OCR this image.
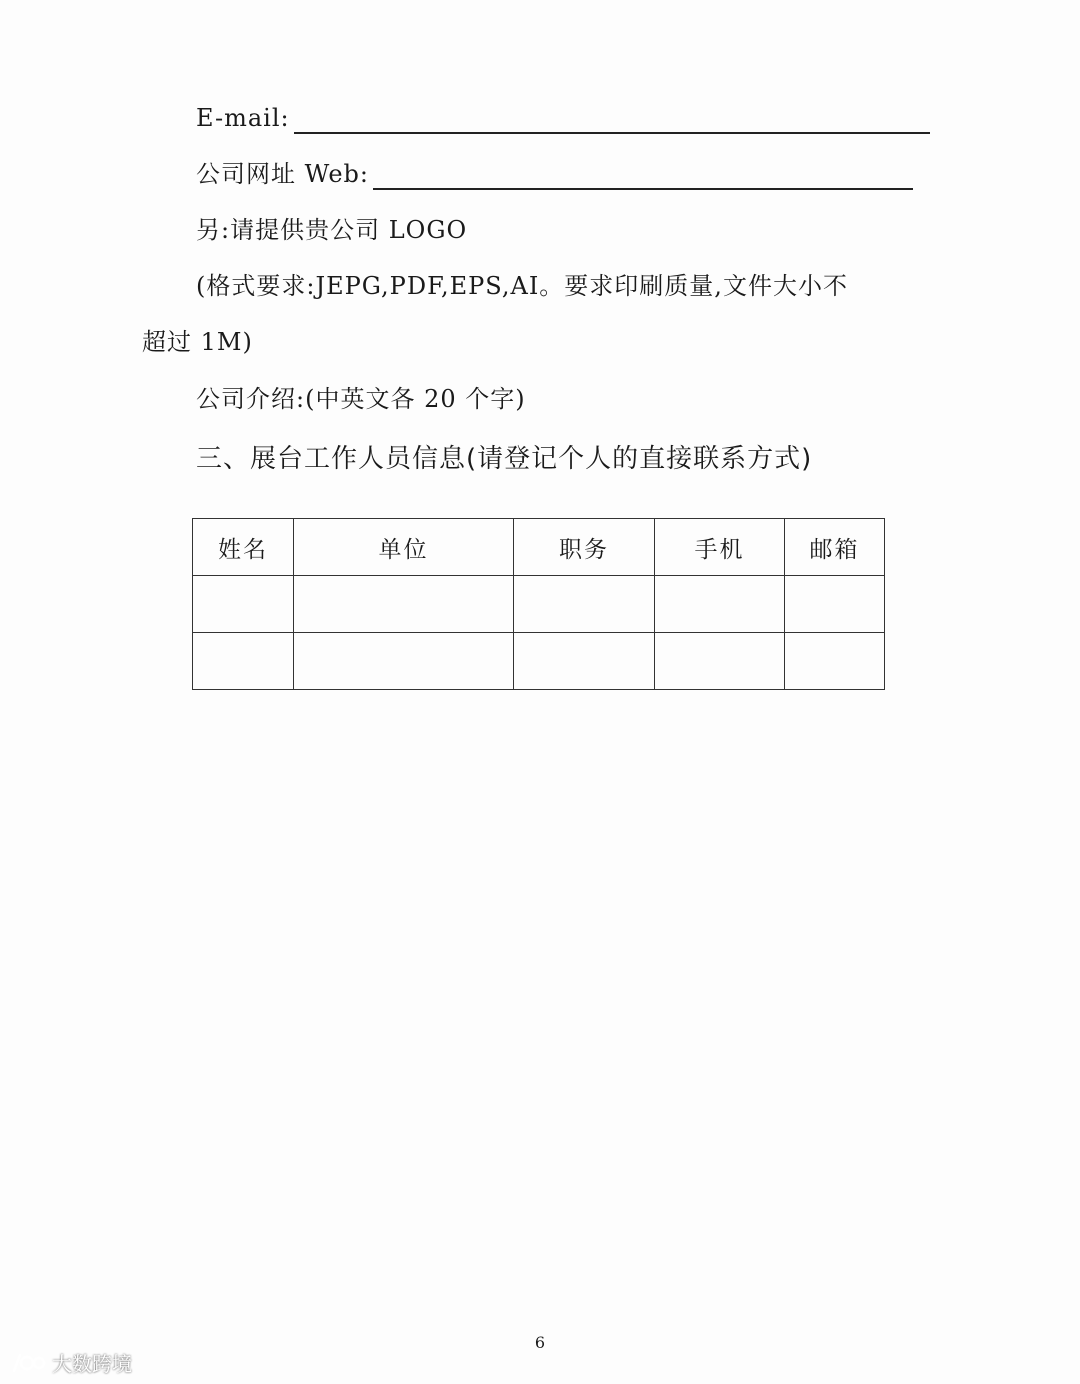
E-mail:
公司网址 Web:
另:请提供贵公司 LOGO
(格式要求:JEPG,PDF,EPS,AI。要求印刷质量,文件大小不
超过 1M)
公司介绍:(中英文各 20 个字)
三、展台工作人员信息(请登记个人的直接联系方式)
姓名	单位	职务	手机	邮箱

6
大数跨境
